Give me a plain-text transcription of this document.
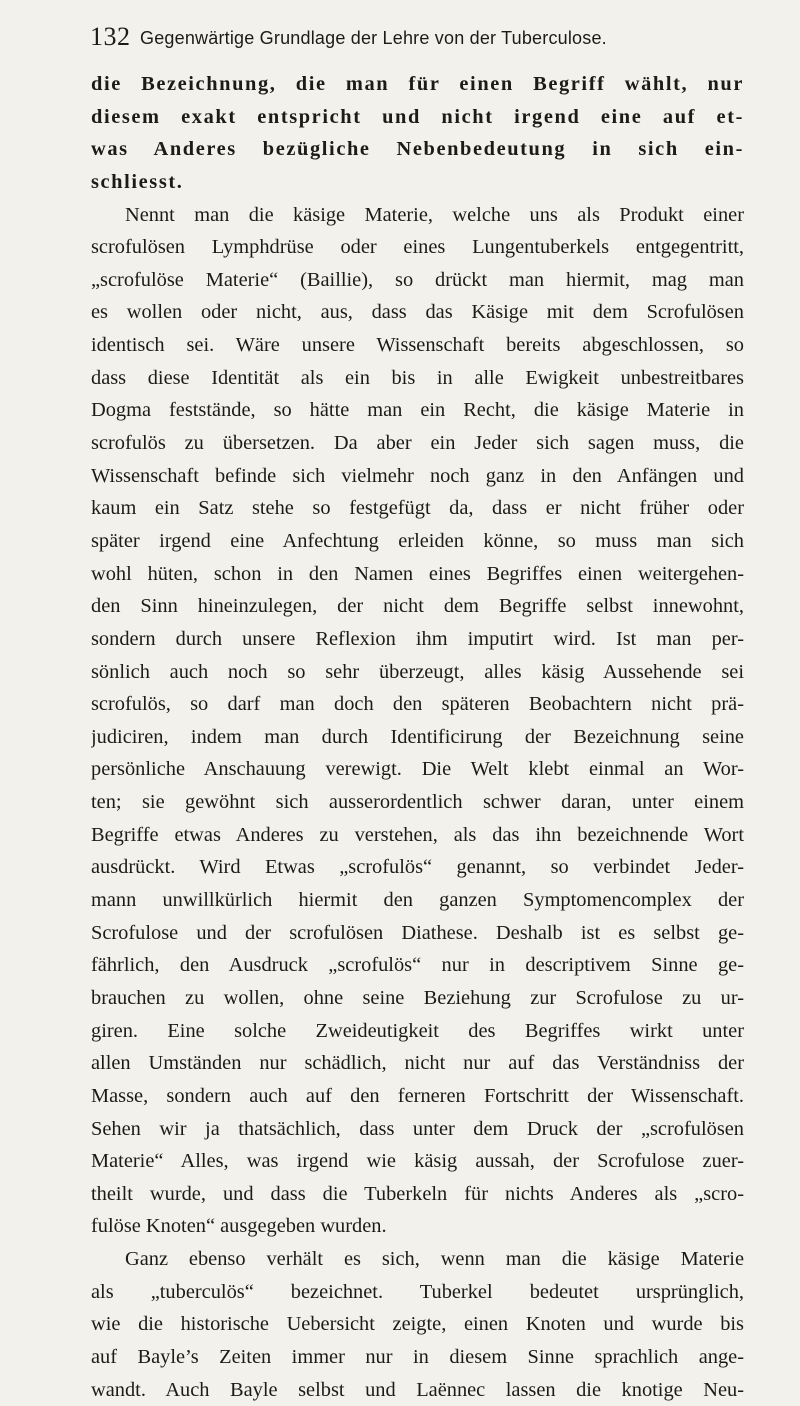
132 Gegenwärtige Grundlage der Lehre von der Tuberculose.
die Bezeichnung, die man für einen Begriff wählt, nur
diesem exakt entspricht und nicht irgend eine auf et-
was Anderes bezügliche Nebenbedeutung in sich ein-
schliesst.
Nennt man die käsige Materie, welche uns als Produkt einer
scrofulösen Lymphdrüse oder eines Lungentuberkels entgegentritt,
„scrofulöse Materie“ (Baillie), so drückt man hiermit, mag man
es wollen oder nicht, aus, dass das Käsige mit dem Scrofulösen
identisch sei. Wäre unsere Wissenschaft bereits abgeschlossen, so
dass diese Identität als ein bis in alle Ewigkeit unbestreitbares
Dogma feststände, so hätte man ein Recht, die käsige Materie in
scrofulös zu übersetzen. Da aber ein Jeder sich sagen muss, die
Wissenschaft befinde sich vielmehr noch ganz in den Anfängen und
kaum ein Satz stehe so festgefügt da, dass er nicht früher oder
später irgend eine Anfechtung erleiden könne, so muss man sich
wohl hüten, schon in den Namen eines Begriffes einen weitergehen-
den Sinn hineinzulegen, der nicht dem Begriffe selbst innewohnt,
sondern durch unsere Reflexion ihm imputirt wird. Ist man per-
sönlich auch noch so sehr überzeugt, alles käsig Aussehende sei
scrofulös, so darf man doch den späteren Beobachtern nicht prä-
judiciren, indem man durch Identificirung der Bezeichnung seine
persönliche Anschauung verewigt. Die Welt klebt einmal an Wor-
ten; sie gewöhnt sich ausserordentlich schwer daran, unter einem
Begriffe etwas Anderes zu verstehen, als das ihn bezeichnende Wort
ausdrückt. Wird Etwas „scrofulös“ genannt, so verbindet Jeder-
mann unwillkürlich hiermit den ganzen Symptomencomplex der
Scrofulose und der scrofulösen Diathese. Deshalb ist es selbst ge-
fährlich, den Ausdruck „scrofulös“ nur in descriptivem Sinne ge-
brauchen zu wollen, ohne seine Beziehung zur Scrofulose zu ur-
giren. Eine solche Zweideutigkeit des Begriffes wirkt unter
allen Umständen nur schädlich, nicht nur auf das Verständniss der
Masse, sondern auch auf den ferneren Fortschritt der Wissenschaft.
Sehen wir ja thatsächlich, dass unter dem Druck der „scrofulösen
Materie“ Alles, was irgend wie käsig aussah, der Scrofulose zuer-
theilt wurde, und dass die Tuberkeln für nichts Anderes als „scro-
fulöse Knoten“ ausgegeben wurden.
Ganz ebenso verhält es sich, wenn man die käsige Materie
als „tuberculös“ bezeichnet. Tuberkel bedeutet ursprünglich,
wie die historische Uebersicht zeigte, einen Knoten und wurde bis
auf Bayle’s Zeiten immer nur in diesem Sinne sprachlich ange-
wandt. Auch Bayle selbst und Laënnec lassen die knotige Neu-
